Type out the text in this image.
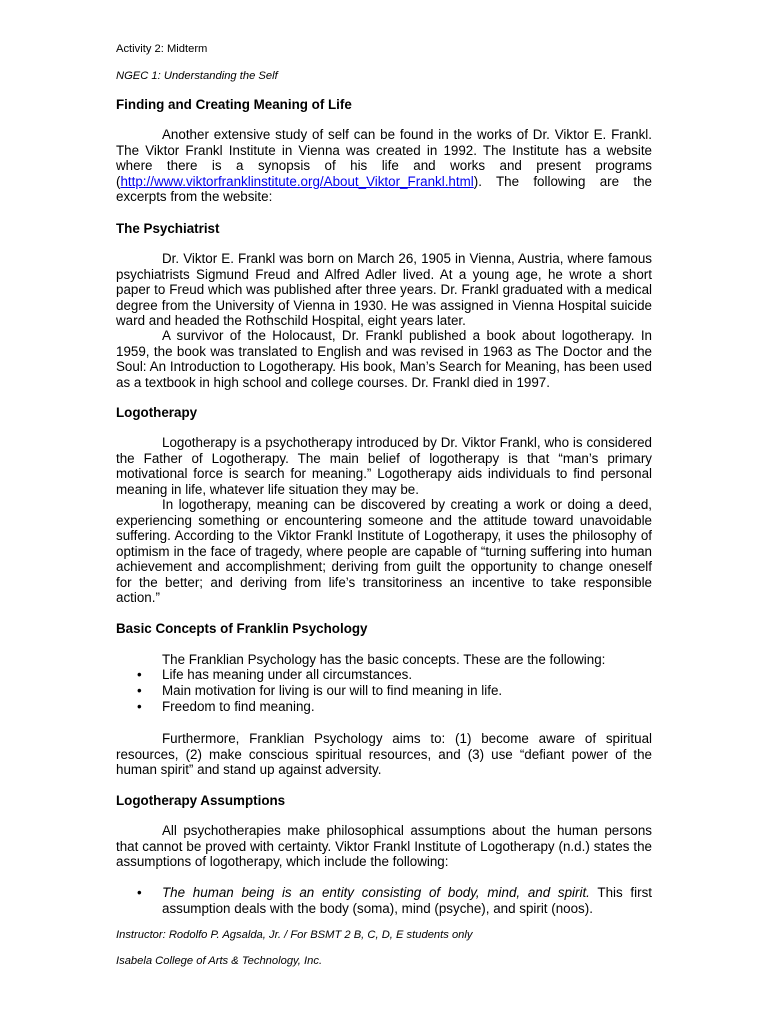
Activity 2: Midterm
NGEC 1: Understanding the Self
Finding and Creating Meaning of Life

Another extensive study of self can be found in the works of Dr. Viktor E. Frankl. The Viktor Frankl Institute in Vienna was created in 1992. The Institute has a website where there is a synopsis of his life and works and present programs (http://www.viktorfranklinstitute.org/About_Viktor_Frankl.html). The following are the excerpts from the website:

The Psychiatrist

Dr. Viktor E. Frankl was born on March 26, 1905 in Vienna, Austria, where famous psychiatrists Sigmund Freud and Alfred Adler lived. At a young age, he wrote a short paper to Freud which was published after three years. Dr. Frankl graduated with a medical degree from the University of Vienna in 1930. He was assigned in Vienna Hospital suicide ward and headed the Rothschild Hospital, eight years later.

A survivor of the Holocaust, Dr. Frankl published a book about logotherapy. In 1959, the book was translated to English and was revised in 1963 as The Doctor and the Soul: An Introduction to Logotherapy. His book, Man’s Search for Meaning, has been used as a textbook in high school and college courses. Dr. Frankl died in 1997.

Logotherapy

Logotherapy is a psychotherapy introduced by Dr. Viktor Frankl, who is considered the Father of Logotherapy. The main belief of logotherapy is that “man’s primary motivational force is search for meaning.” Logotherapy aids individuals to find personal meaning in life, whatever life situation they may be.

In logotherapy, meaning can be discovered by creating a work or doing a deed, experiencing something or encountering someone and the attitude toward unavoidable suffering. According to the Viktor Frankl Institute of Logotherapy, it uses the philosophy of optimism in the face of tragedy, where people are capable of “turning suffering into human achievement and accomplishment; deriving from guilt the opportunity to change oneself for the better; and deriving from life’s transitoriness an incentive to take responsible action.”

Basic Concepts of Franklin Psychology

The Franklian Psychology has the basic concepts. These are the following:

• Life has meaning under all circumstances.
• Main motivation for living is our will to find meaning in life.
• Freedom to find meaning.

Furthermore, Franklian Psychology aims to: (1) become aware of spiritual resources, (2) make conscious spiritual resources, and (3) use “defiant power of the human spirit” and stand up against adversity.

Logotherapy Assumptions

All psychotherapies make philosophical assumptions about the human persons that cannot be proved with certainty. Viktor Frankl Institute of Logotherapy (n.d.) states the assumptions of logotherapy, which include the following:

• The human being is an entity consisting of body, mind, and spirit. This first assumption deals with the body (soma), mind (psyche), and spirit (noos).

Instructor: Rodolfo P. Agsalda, Jr. / For BSMT 2 B, C, D, E students only
Isabela College of Arts & Technology, Inc.
